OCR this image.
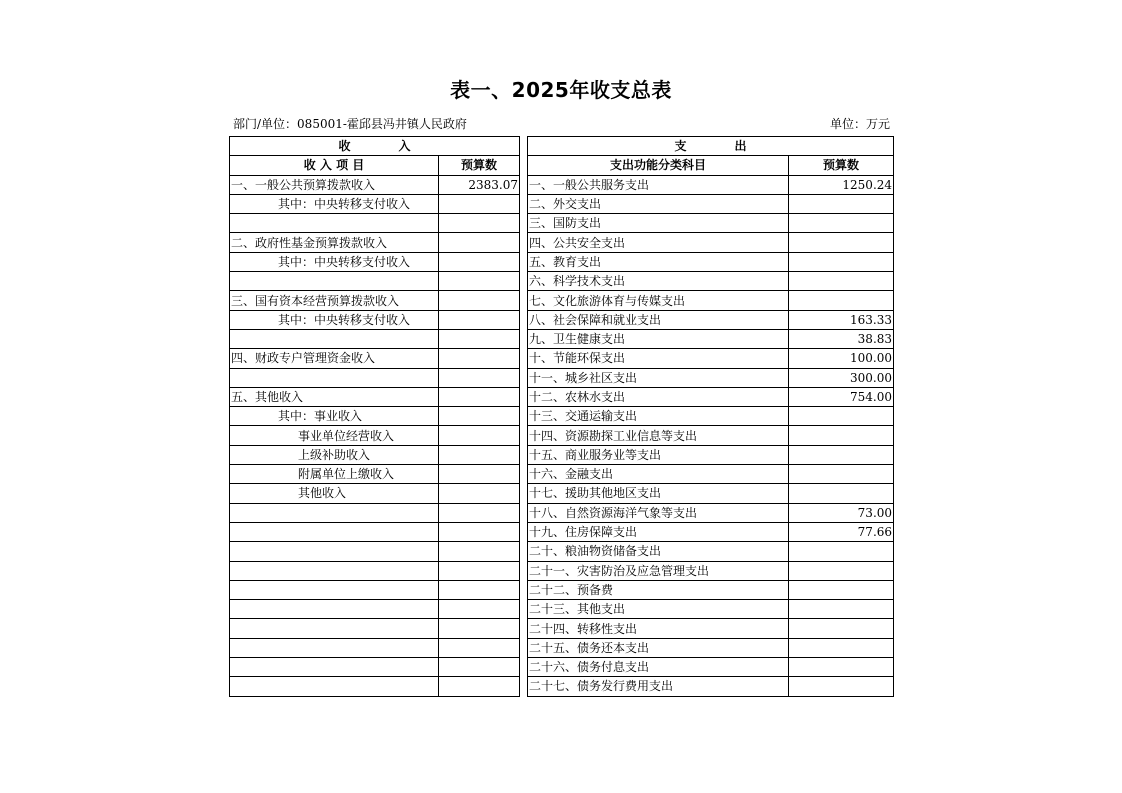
表一、2025年收支总表
部门/单位：085001-霍邱县冯井镇人民政府	单位：万元
收　　　　入			支　　　　出	
收 入 项 目	预算数		支出功能分类科目	预算数
一、一般公共预算拨款收入	2383.07		一、一般公共服务支出	1250.24
其中：中央转移支付收入			二、外交支出	
			三、国防支出	
二、政府性基金预算拨款收入			四、公共安全支出	
其中：中央转移支付收入			五、教育支出	
			六、科学技术支出	
三、国有资本经营预算拨款收入			七、文化旅游体育与传媒支出	
其中：中央转移支付收入			八、社会保障和就业支出	163.33
			九、卫生健康支出	38.83
四、财政专户管理资金收入			十、节能环保支出	100.00
			十一、城乡社区支出	300.00
五、其他收入			十二、农林水支出	754.00
其中：事业收入			十三、交通运输支出	
事业单位经营收入			十四、资源勘探工业信息等支出	
上级补助收入			十五、商业服务业等支出	
附属单位上缴收入			十六、金融支出	
其他收入			十七、援助其他地区支出	
			十八、自然资源海洋气象等支出	73.00
			十九、住房保障支出	77.66
			二十、粮油物资储备支出	
			二十一、灾害防治及应急管理支出	
			二十二、预备费	
			二十三、其他支出	
			二十四、转移性支出	
			二十五、债务还本支出	
			二十六、债务付息支出	
			二十七、债务发行费用支出	
